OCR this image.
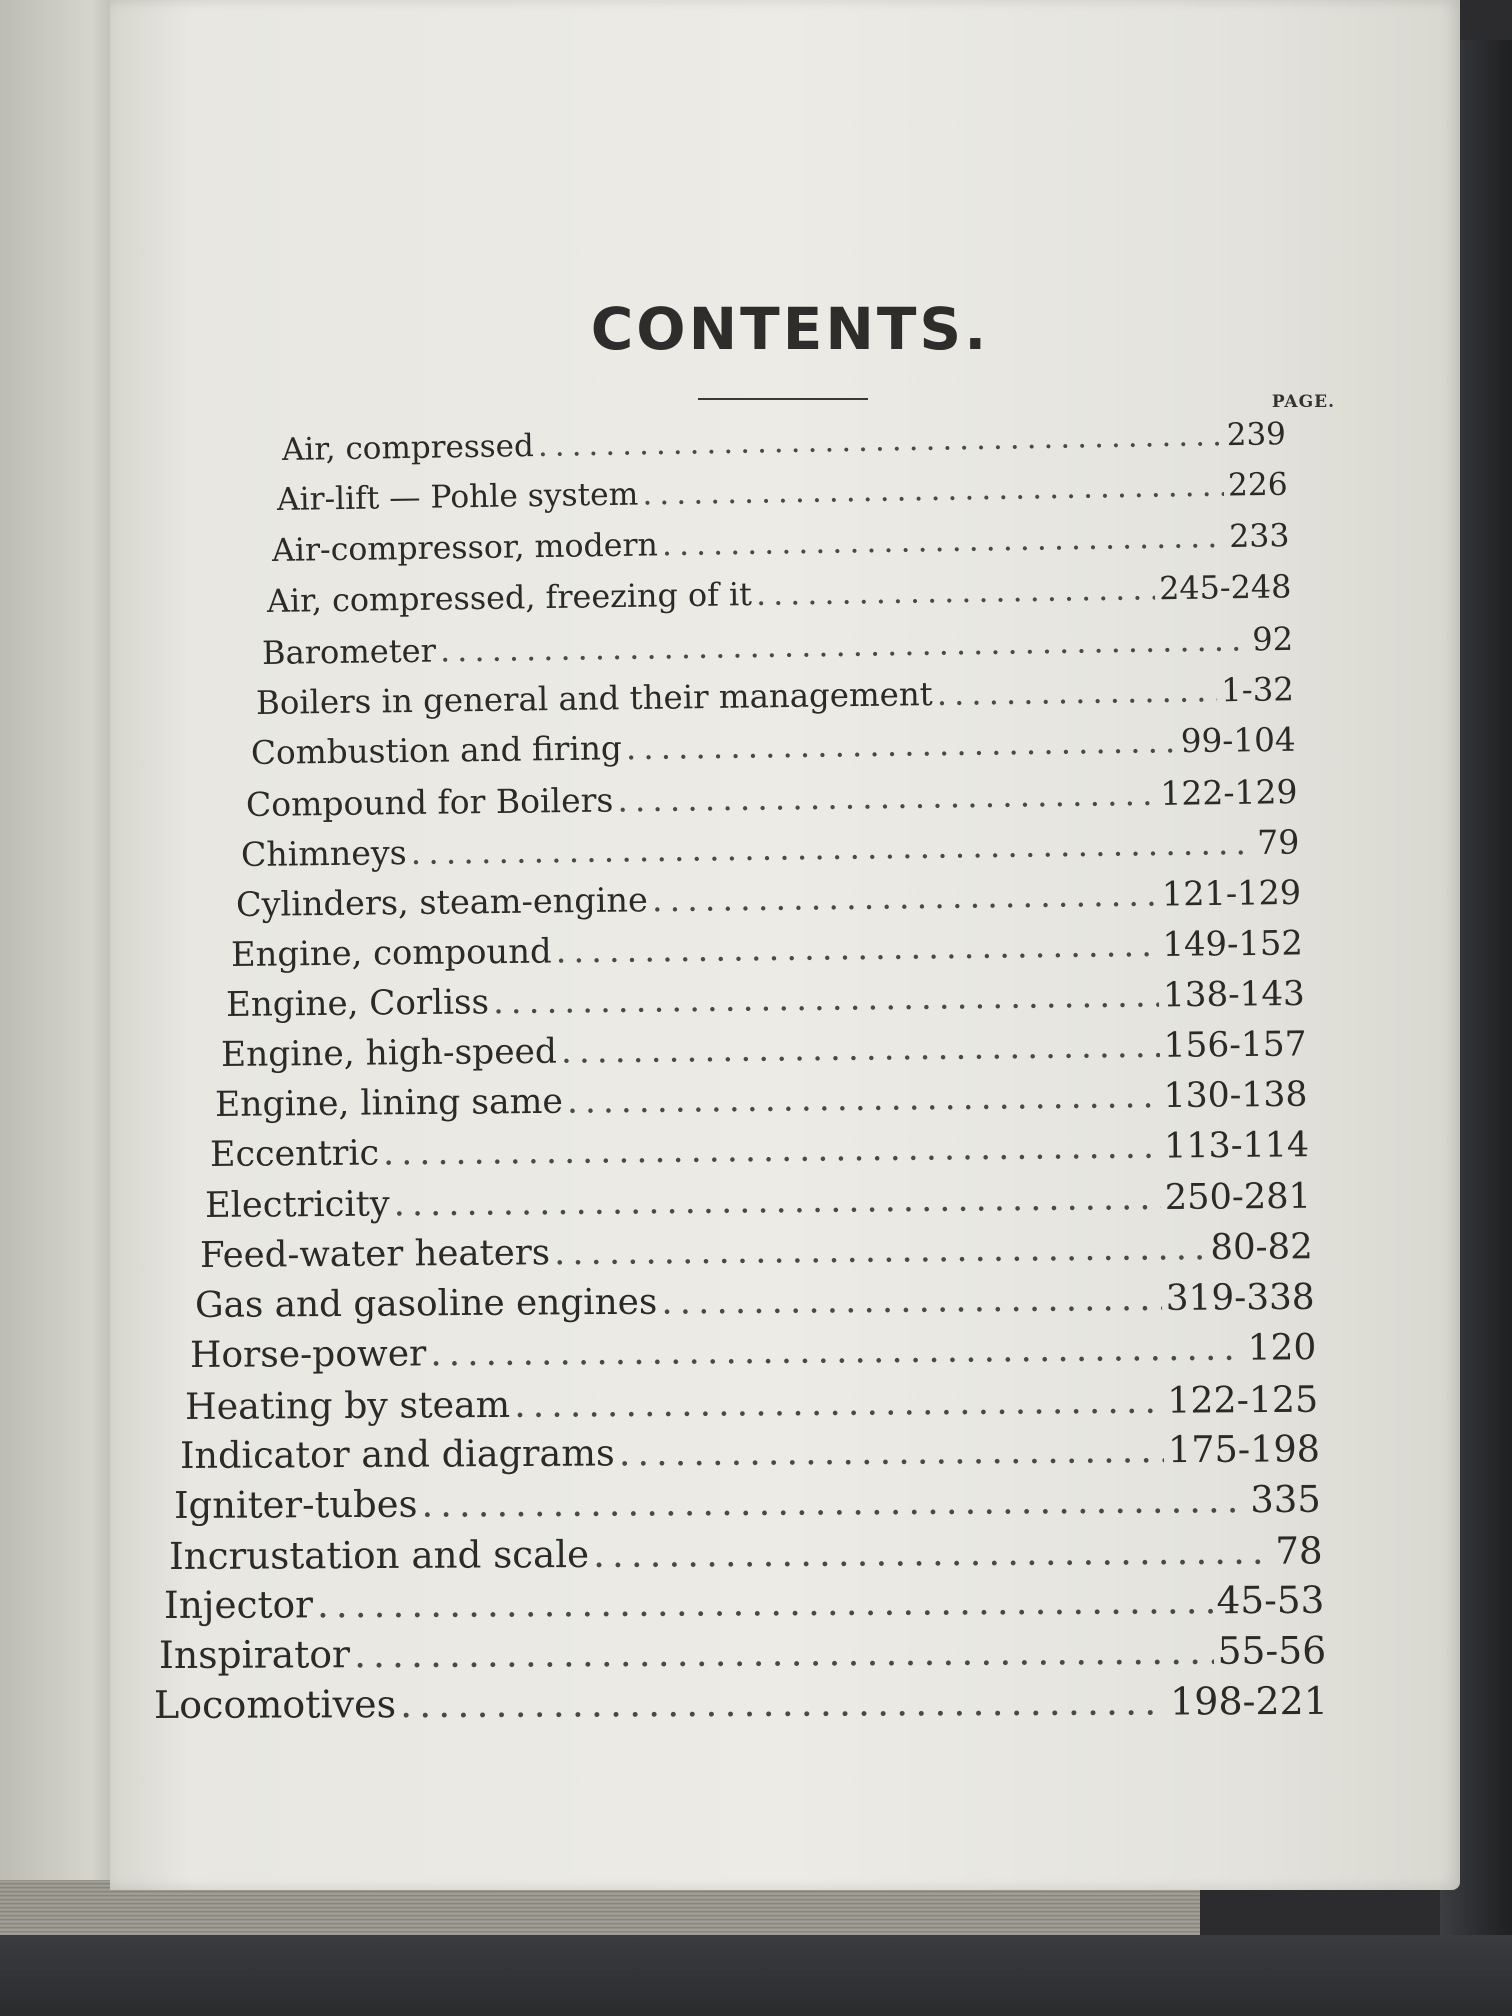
CONTENTS.
PAGE.
Air, compressed .....	239
Air-lift — Pohle system .....	226
Air-compressor, modern .....	233
Air, compressed, freezing of it .....	245-248
Barometer .....	92
Boilers in general and their management .....	1-32
Combustion and firing .....	99-104
Compound for Boilers .....	122-129
Chimneys .....	79
Cylinders, steam-engine .....	121-129
Engine, compound .....	149-152
Engine, Corliss .....	138-143
Engine, high-speed .....	156-157
Engine, lining same .....	130-138
Eccentric .....	113-114
Electricity .....	250-281
Feed-water heaters .....	80-82
Gas and gasoline engines .....	319-338
Horse-power .....	120
Heating by steam .....	122-125
Indicator and diagrams .....	175-198
Igniter-tubes .....	335
Incrustation and scale .....	78
Injector .....	45-53
Inspirator .....	55-56
Locomotives .....	198-221
